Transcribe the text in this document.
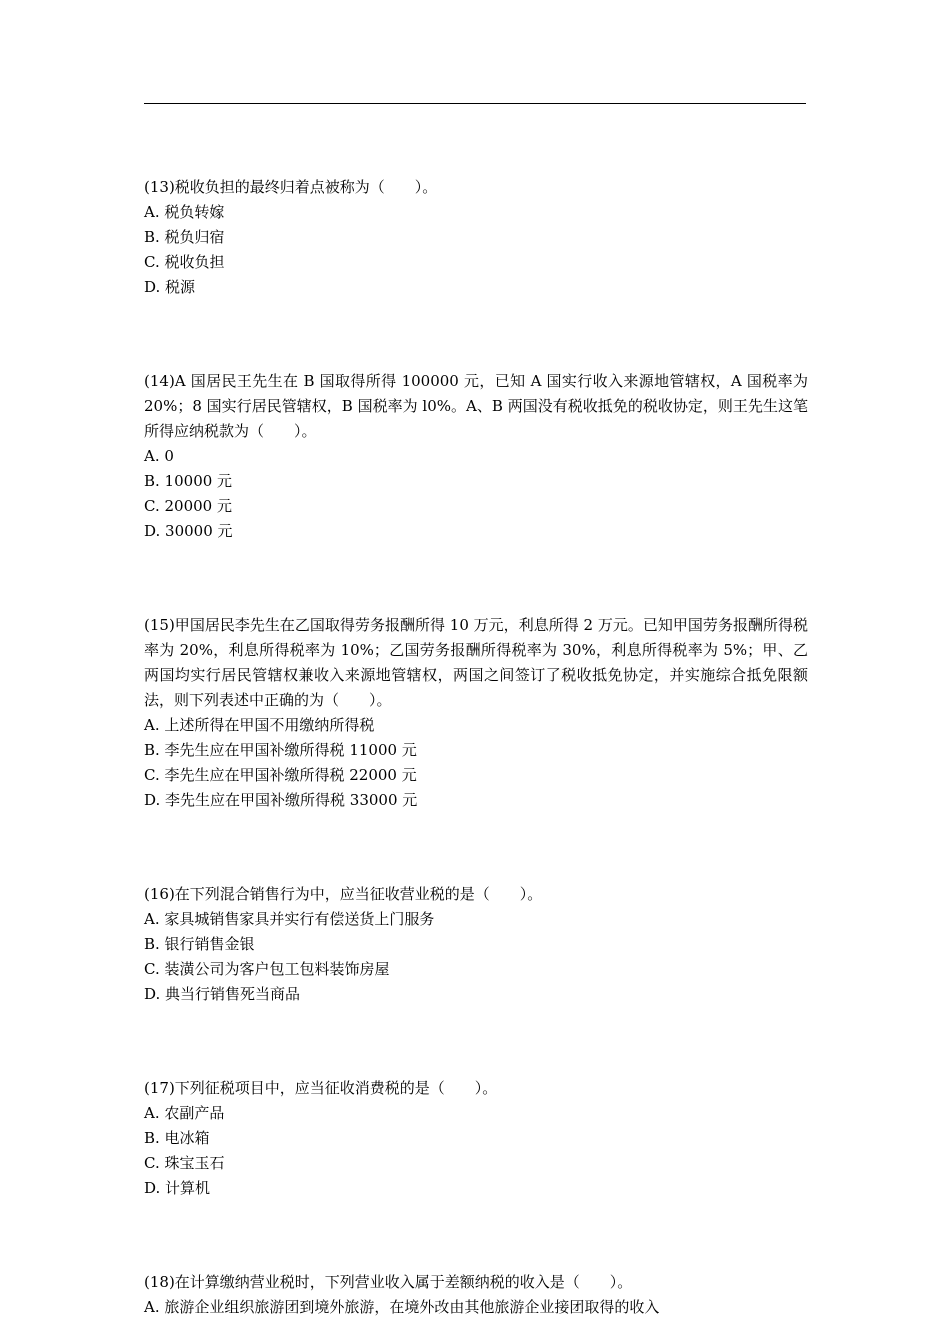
(13)税收负担的最终归着点被称为（　　）。

A. 税负转嫁

B. 税负归宿

C. 税收负担

D. 税源

(14)A 国居民王先生在 B 国取得所得 100000 元，已知 A 国实行收入来源地管辖权，A 国税率为 20%；8 国实行居民管辖权，B 国税率为 l0%。A、B 两国没有税收抵免的税收协定，则王先生这笔所得应纳税款为（　　）。

A. 0

B. 10000 元

C. 20000 元

D. 30000 元

(15)甲国居民李先生在乙国取得劳务报酬所得 10 万元，利息所得 2 万元。已知甲国劳务报酬所得税率为 20%，利息所得税率为 10%；乙国劳务报酬所得税率为 30%，利息所得税率为 5%；甲、乙两国均实行居民管辖权兼收入来源地管辖权，两国之间签订了税收抵免协定，并实施综合抵免限额法，则下列表述中正确的为（　　）。

A. 上述所得在甲国不用缴纳所得税

B. 李先生应在甲国补缴所得税 11000 元

C. 李先生应在甲国补缴所得税 22000 元

D. 李先生应在甲国补缴所得税 33000 元

(16)在下列混合销售行为中，应当征收营业税的是（　　）。

A. 家具城销售家具并实行有偿送货上门服务

B. 银行销售金银

C. 装潢公司为客户包工包料装饰房屋

D. 典当行销售死当商品

(17)下列征税项目中，应当征收消费税的是（　　）。

A. 农副产品

B. 电冰箱

C. 珠宝玉石

D. 计算机

(18)在计算缴纳营业税时，下列营业收入属于差额纳税的收入是（　　）。

A. 旅游企业组织旅游团到境外旅游，在境外改由其他旅游企业接团取得的收入
